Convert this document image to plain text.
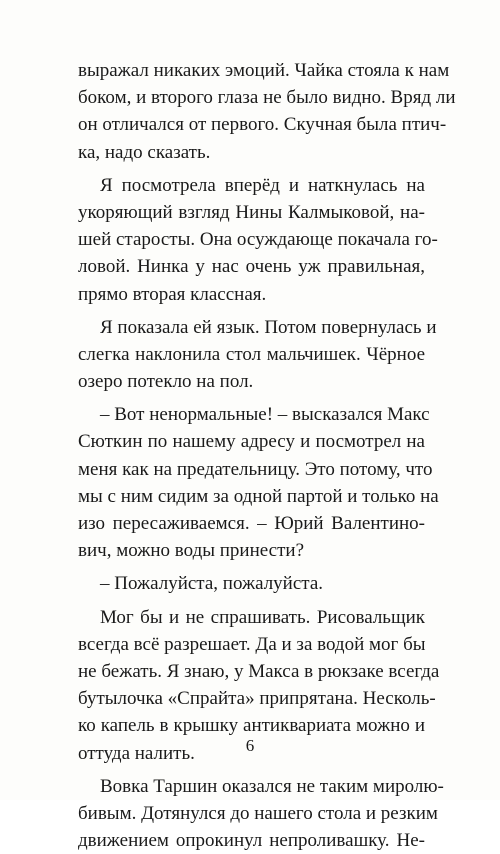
выражал никаких эмоций. Чайка стояла к нам
боком, и второго глаза не было видно. Вряд ли
он отличался от первого. Скучная была птич-
ка, надо сказать.
Я посмотрела вперёд и наткнулась на
укоряющий взгляд Нины Калмыковой, на-
шей старосты. Она осуждающе покачала го-
ловой. Нинка у нас очень уж правильная,
прямо вторая классная.
Я показала ей язык. Потом повернулась и
слегка наклонила стол мальчишек. Чёрное
озеро потекло на пол.
– Вот ненормальные! – высказался Макс
Сюткин по нашему адресу и посмотрел на
меня как на предательницу. Это потому, что
мы с ним сидим за одной партой и только на
изо пересаживаемся. – Юрий Валентино-
вич, можно воды принести?
– Пожалуйста, пожалуйста.
Мог бы и не спрашивать. Рисовальщик
всегда всё разрешает. Да и за водой мог бы
не бежать. Я знаю, у Макса в рюкзаке всегда
бутылочка «Спрайта» припрятана. Несколь-
ко капель в крышку антиквариата можно и
оттуда налить.
Вовка Таршин оказался не таким миролю-
бивым. Дотянулся до нашего стола и резким
движением опрокинул непроливашку. Не-
6
